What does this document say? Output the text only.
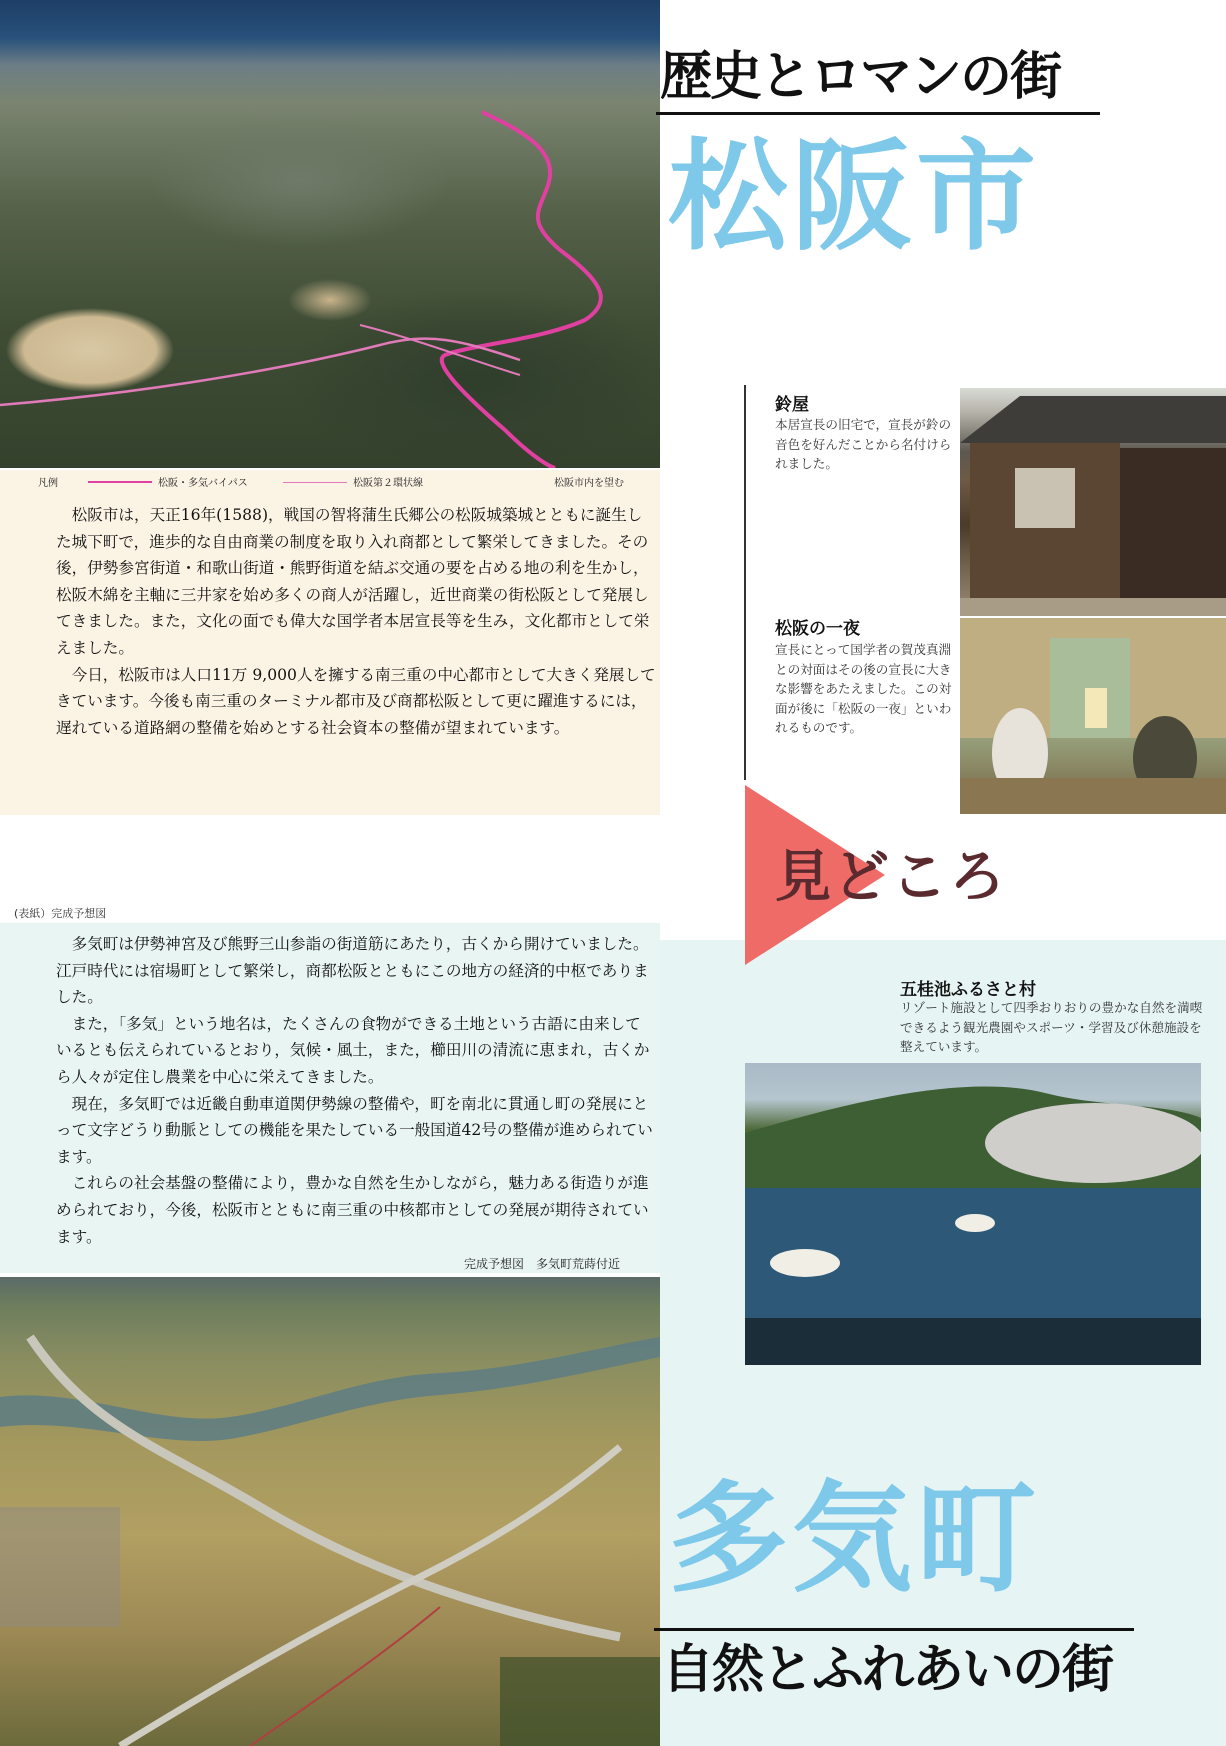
凡例	松阪・多気バイパス	松阪第２環状線	松阪市内を望む

松阪市は，天正16年(1588)，戦国の智将蒲生氏郷公の松阪城築城とともに誕生した城下町で，進歩的な自由商業の制度を取り入れ商都として繁栄してきました。その後，伊勢参宮街道・和歌山街道・熊野街道を結ぶ交通の要を占める地の利を生かし，松阪木綿を主軸に三井家を始め多くの商人が活躍し，近世商業の街松阪として発展してきました。また，文化の面でも偉大な国学者本居宣長等を生み，文化都市として栄えました。

今日，松阪市は人口11万 9,000人を擁する南三重の中心都市として大きく発展してきています。今後も南三重のターミナル都市及び商都松阪として更に躍進するには，遅れている道路網の整備を始めとする社会資本の整備が望まれています。

(表紙）完成予想図

多気町は伊勢神宮及び熊野三山参詣の街道筋にあたり，古くから開けていました。江戸時代には宿場町として繁栄し，商都松阪とともにこの地方の経済的中枢でありました。

また，「多気」という地名は，たくさんの食物ができる土地という古語に由来しているとも伝えられているとおり，気候・風土，また，櫛田川の清流に恵まれ，古くから人々が定住し農業を中心に栄えてきました。

現在，多気町では近畿自動車道関伊勢線の整備や，町を南北に貫通し町の発展にとって文字どうり動脈としての機能を果たしている一般国道42号の整備が進められています。

これらの社会基盤の整備により，豊かな自然を生かしながら，魅力ある街造りが進められており，今後，松阪市とともに南三重の中核都市としての発展が期待されています。

完成予想図　多気町荒蒔付近
歴史とロマンの街
松阪市
鈴屋
本居宣長の旧宅で，宣長が鈴の音色を好んだことから名付けられました。
松阪の一夜
宣長にとって国学者の賀茂真淵との対面はその後の宣長に大きな影響をあたえました。この対面が後に「松阪の一夜」といわれるものです。
見どころ
五桂池ふるさと村
リゾート施設として四季おりおりの豊かな自然を満喫できるよう観光農園やスポーツ・学習及び休憩施設を整えています。
多気町
自然とふれあいの街
